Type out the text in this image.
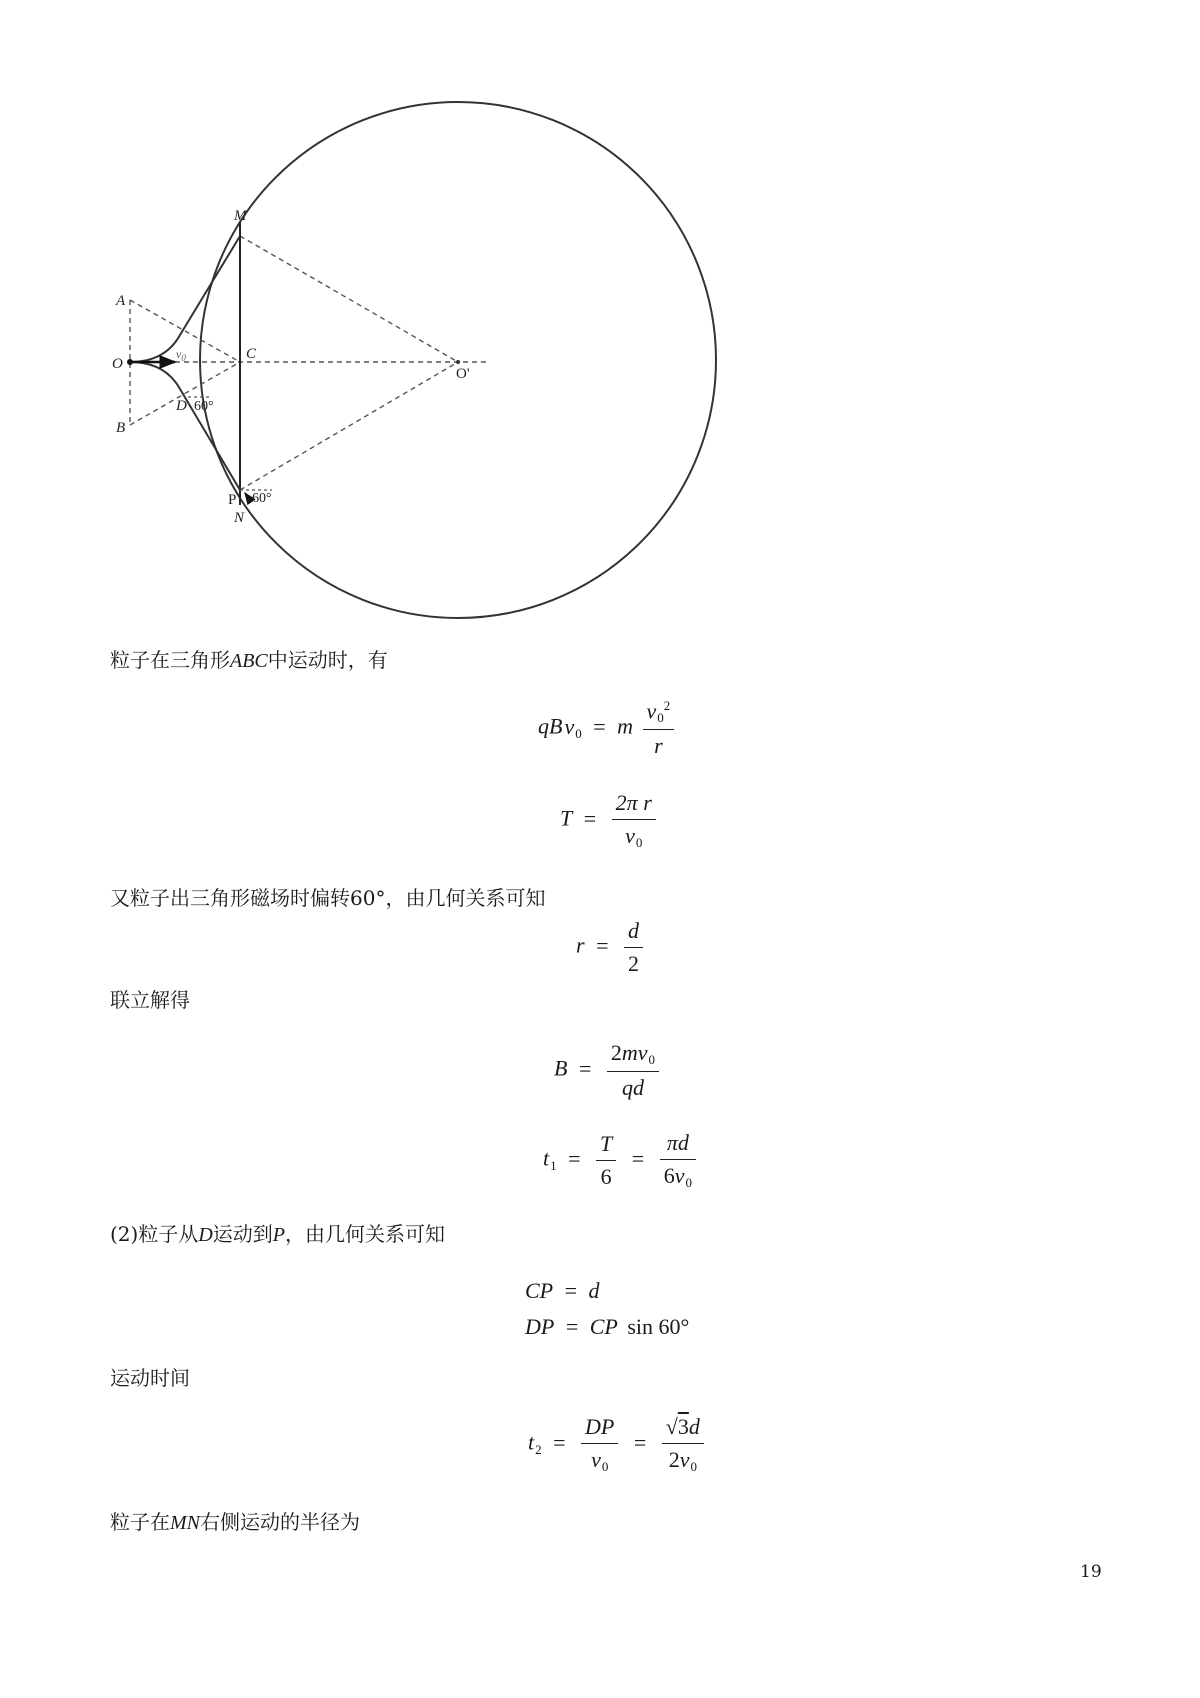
A
B
O
C
D
M
P
N
O'
$v_0$
60°
60°
粒子在三角形ABC中运动时，有
qBv$_0$ = m $\frac{v_0^2}{r}$
$T = \frac{\text{2π r}}{v_0}$
又粒子出三角形磁场时偏转60°，由几何关系可知
$r = \frac{d}{2}$
联立解得
$B = \frac{2mv_0}{qd}$
$t_1 = \frac{T}{6} = \frac{\pi d}{6v_0}$
(2)粒子从D运动到P，由几何关系可知
CP = d
DP = CP sin 60°
运动时间
$t_2 = \frac{DP}{v_0} = \frac{√3d}{2v_0}$
粒子在MN右侧运动的半径为
19
